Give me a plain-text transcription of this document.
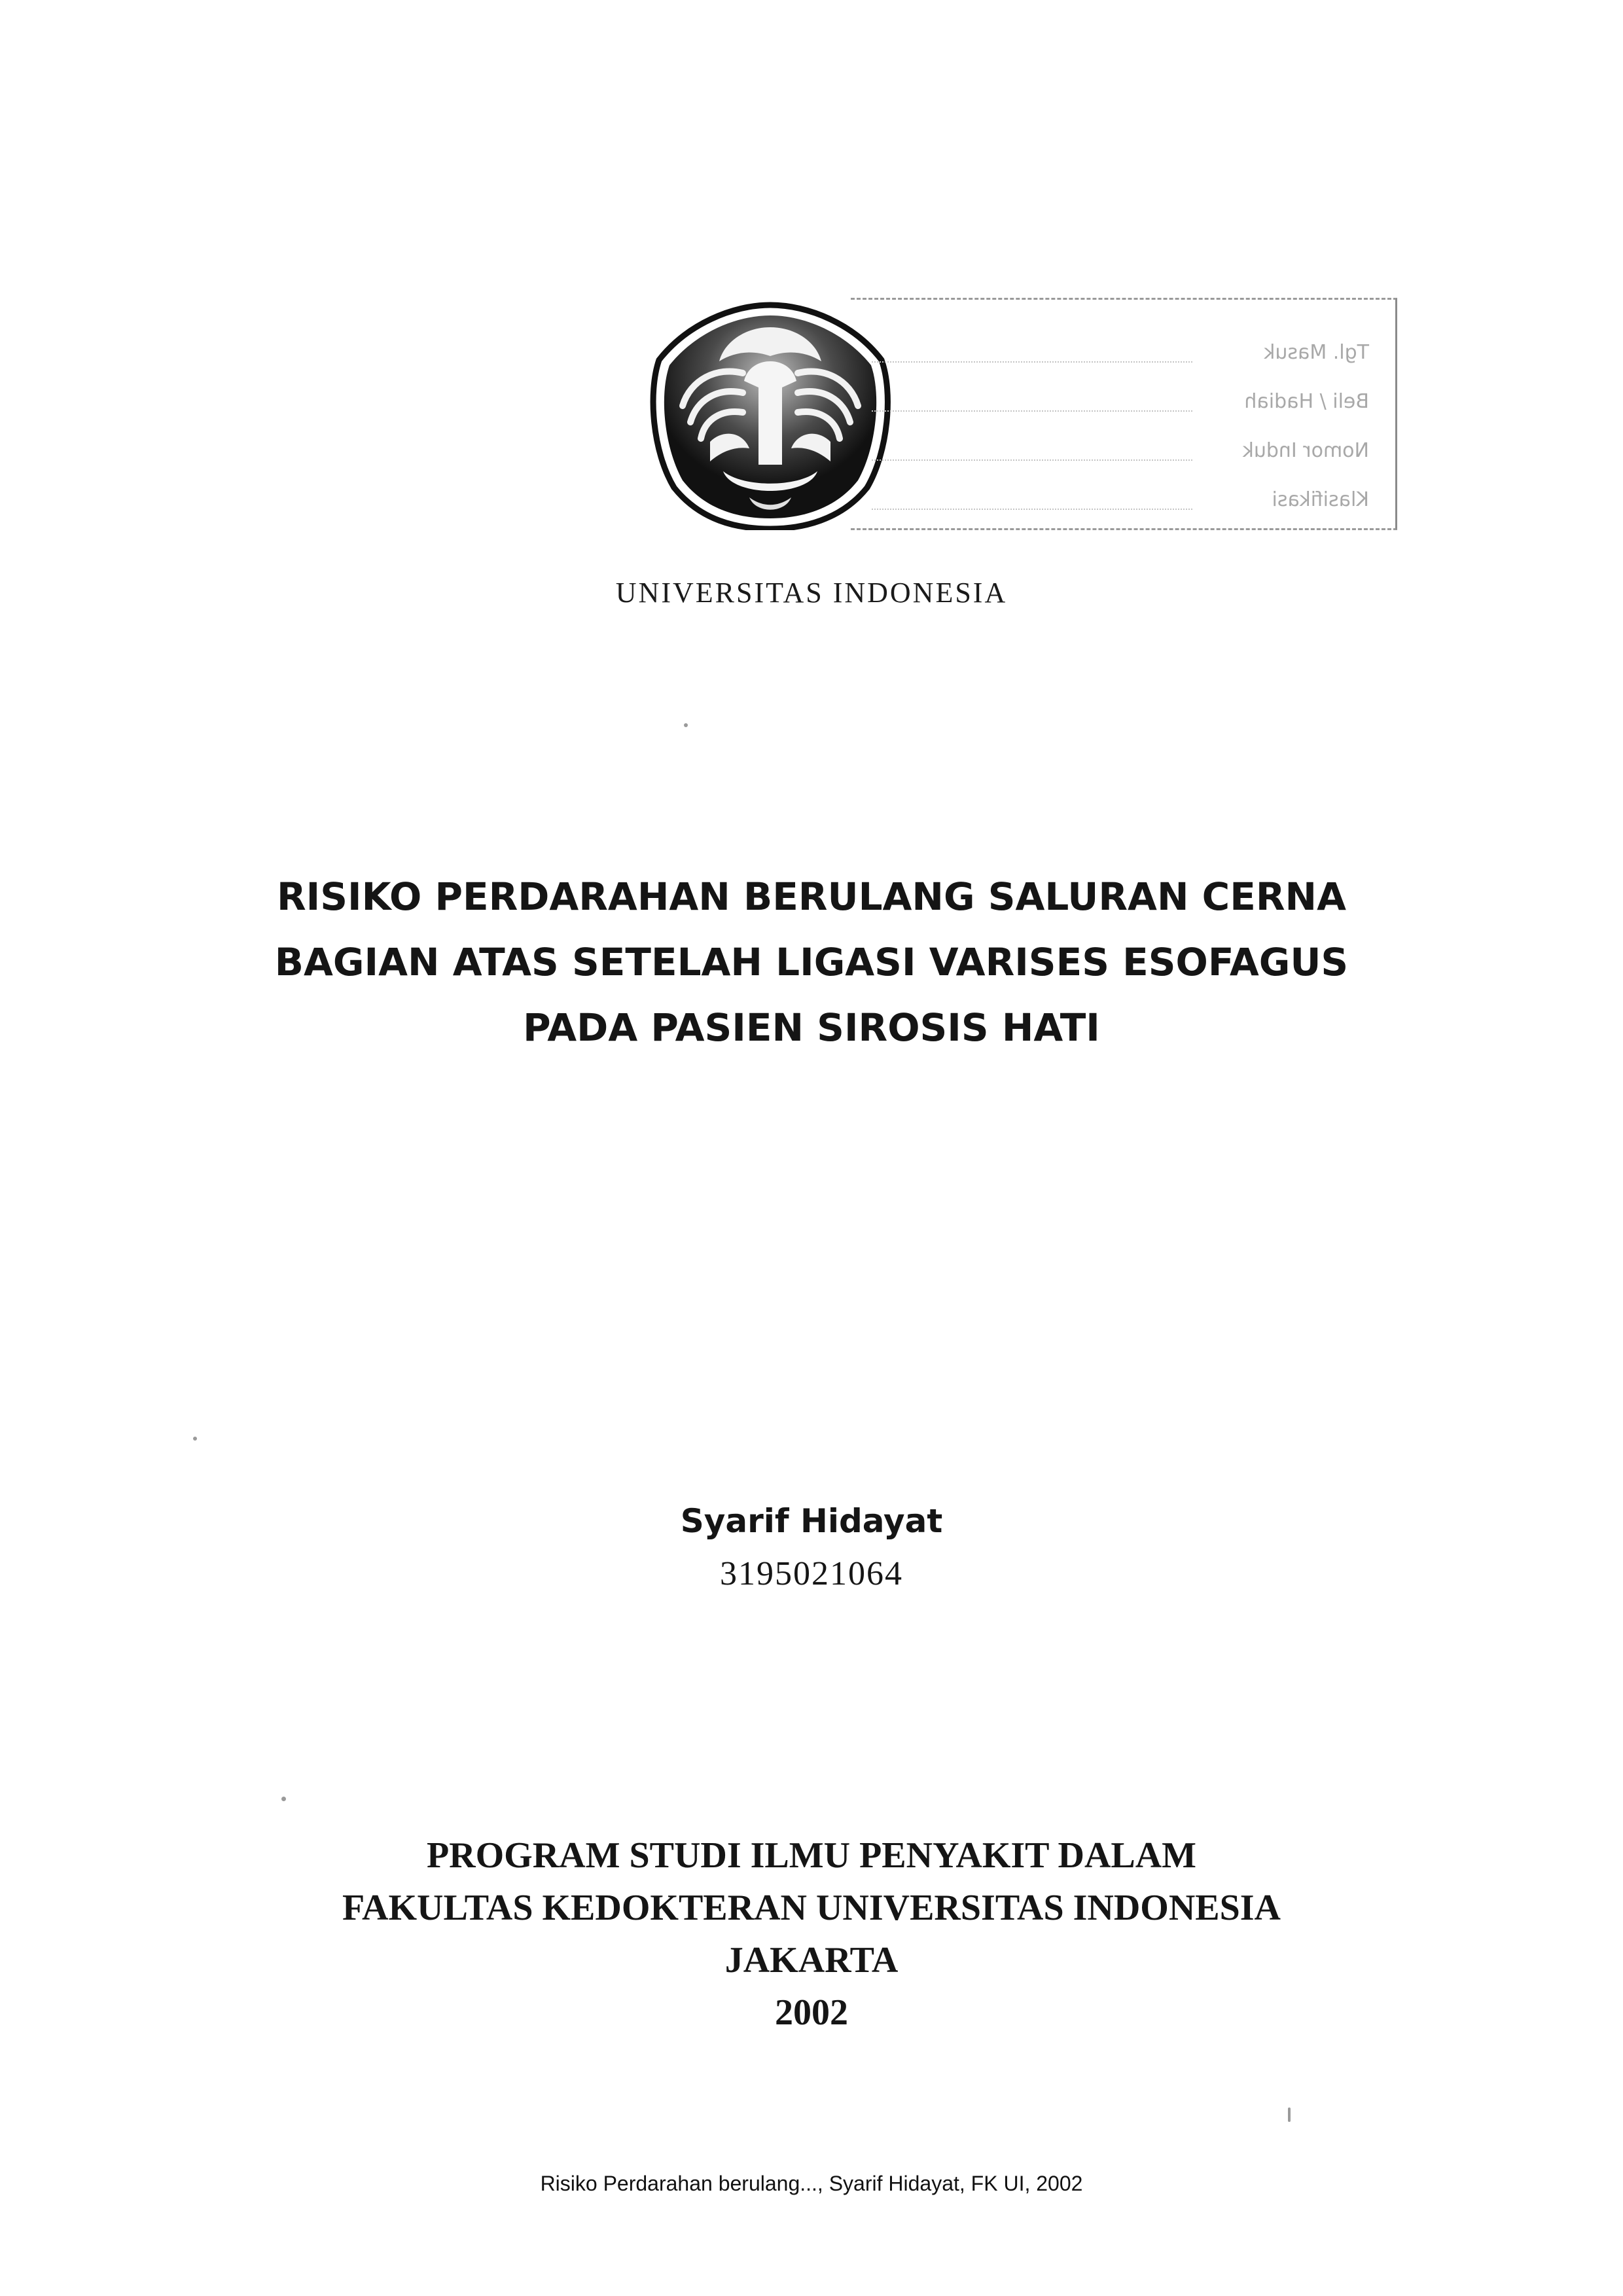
Tgl. Masuk
Beli / Hadiah
Nomor Induk
Klasifikasi
UNIVERSITAS INDONESIA
RISIKO PERDARAHAN BERULANG SALURAN CERNA
BAGIAN ATAS SETELAH LIGASI VARISES ESOFAGUS
PADA PASIEN SIROSIS HATI
Syarif Hidayat
3195021064
PROGRAM STUDI ILMU PENYAKIT DALAM
FAKULTAS KEDOKTERAN UNIVERSITAS INDONESIA
JAKARTA
2002
Risiko Perdarahan berulang..., Syarif Hidayat, FK UI, 2002
